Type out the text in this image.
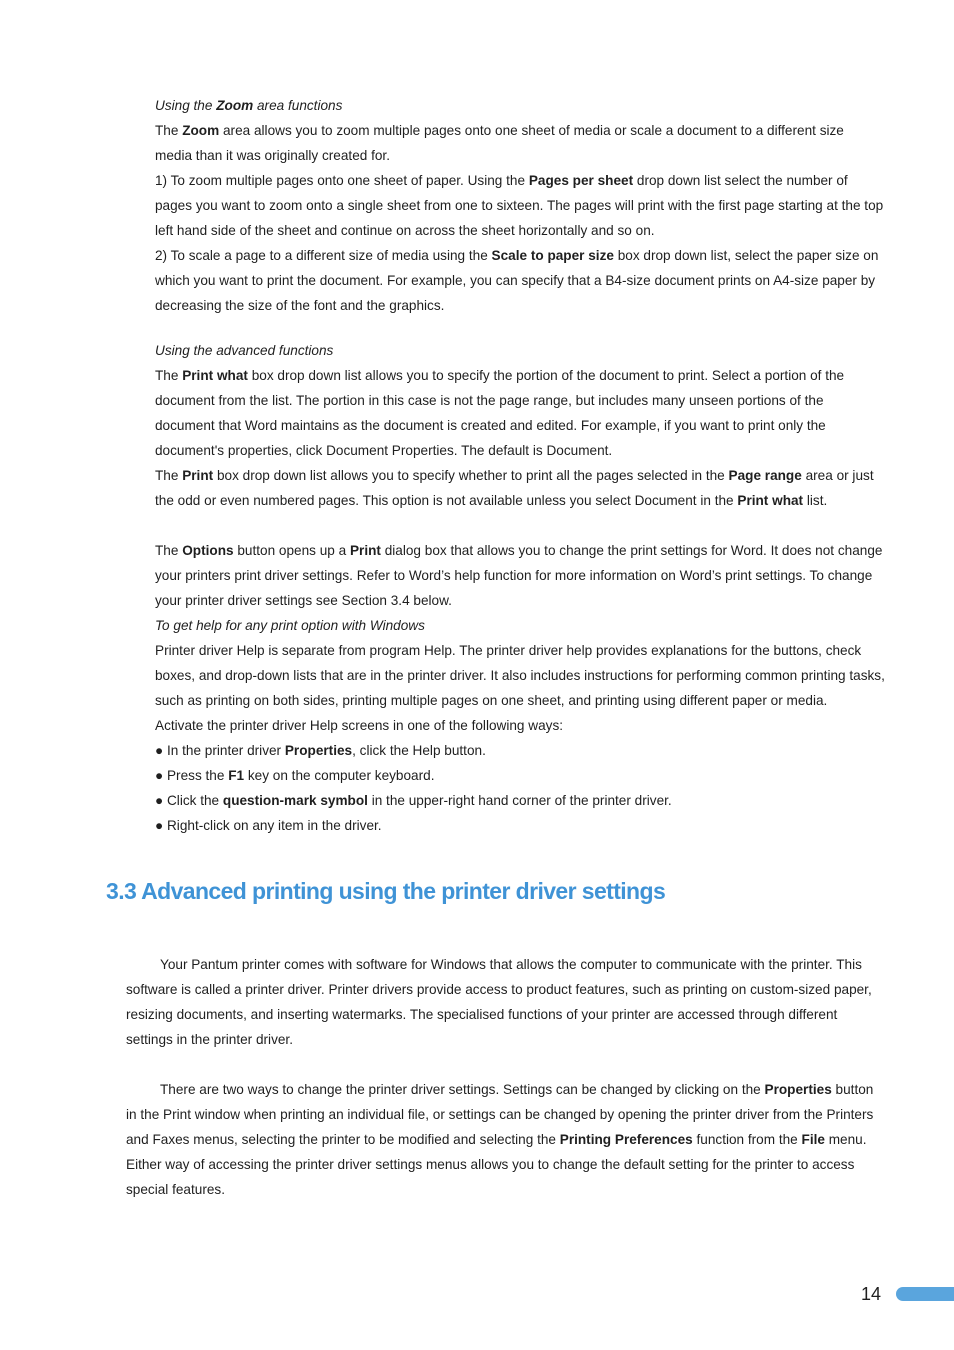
Using the Zoom area functions
The Zoom area allows you to zoom multiple pages onto one sheet of media or scale a document to a different size
media than it was originally created for.
1) To zoom multiple pages onto one sheet of paper. Using the Pages per sheet drop down list select the number of
pages you want to zoom onto a single sheet from one to sixteen. The pages will print with the first page starting at the top
left hand side of the sheet and continue on across the sheet horizontally and so on.
2) To scale a page to a different size of media using the Scale to paper size box drop down list, select the paper size on
which you want to print the document. For example, you can specify that a B4-size document prints on A4-size paper by
decreasing the size of the font and the graphics.
Using the advanced functions
The Print what box drop down list allows you to specify the portion of the document to print. Select a portion of the
document from the list. The portion in this case is not the page range, but includes many unseen portions of the
document that Word maintains as the document is created and edited. For example, if you want to print only the
document's properties, click Document Properties. The default is Document.
The Print box drop down list allows you to specify whether to print all the pages selected in the Page range area or just
the odd or even numbered pages. This option is not available unless you select Document in the Print what list.
The Options button opens up a Print dialog box that allows you to change the print settings for Word. It does not change
your printers print driver settings. Refer to Word’s help function for more information on Word’s print settings. To change
your printer driver settings see Section 3.4 below.
To get help for any print option with Windows
Printer driver Help is separate from program Help. The printer driver help provides explanations for the buttons, check
boxes, and drop-down lists that are in the printer driver. It also includes instructions for performing common printing tasks,
such as printing on both sides, printing multiple pages on one sheet, and printing using different paper or media.
Activate the printer driver Help screens in one of the following ways:
● In the printer driver Properties, click the Help button.
● Press the F1 key on the computer keyboard.
● Click the question-mark symbol in the upper-right hand corner of the printer driver.
● Right-click on any item in the driver.
3.3 Advanced printing using the printer driver settings
Your Pantum printer comes with software for Windows that allows the computer to communicate with the printer. This
software is called a printer driver. Printer drivers provide access to product features, such as printing on custom-sized paper,
resizing documents, and inserting watermarks. The specialised functions of your printer are accessed through different
settings in the printer driver.
There are two ways to change the printer driver settings. Settings can be changed by clicking on the Properties button
in the Print window when printing an individual file, or settings can be changed by opening the printer driver from the Printers
and Faxes menus, selecting the printer to be modified and selecting the Printing Preferences function from the File menu.
Either way of accessing the printer driver settings menus allows you to change the default setting for the printer to access
special features.
14
